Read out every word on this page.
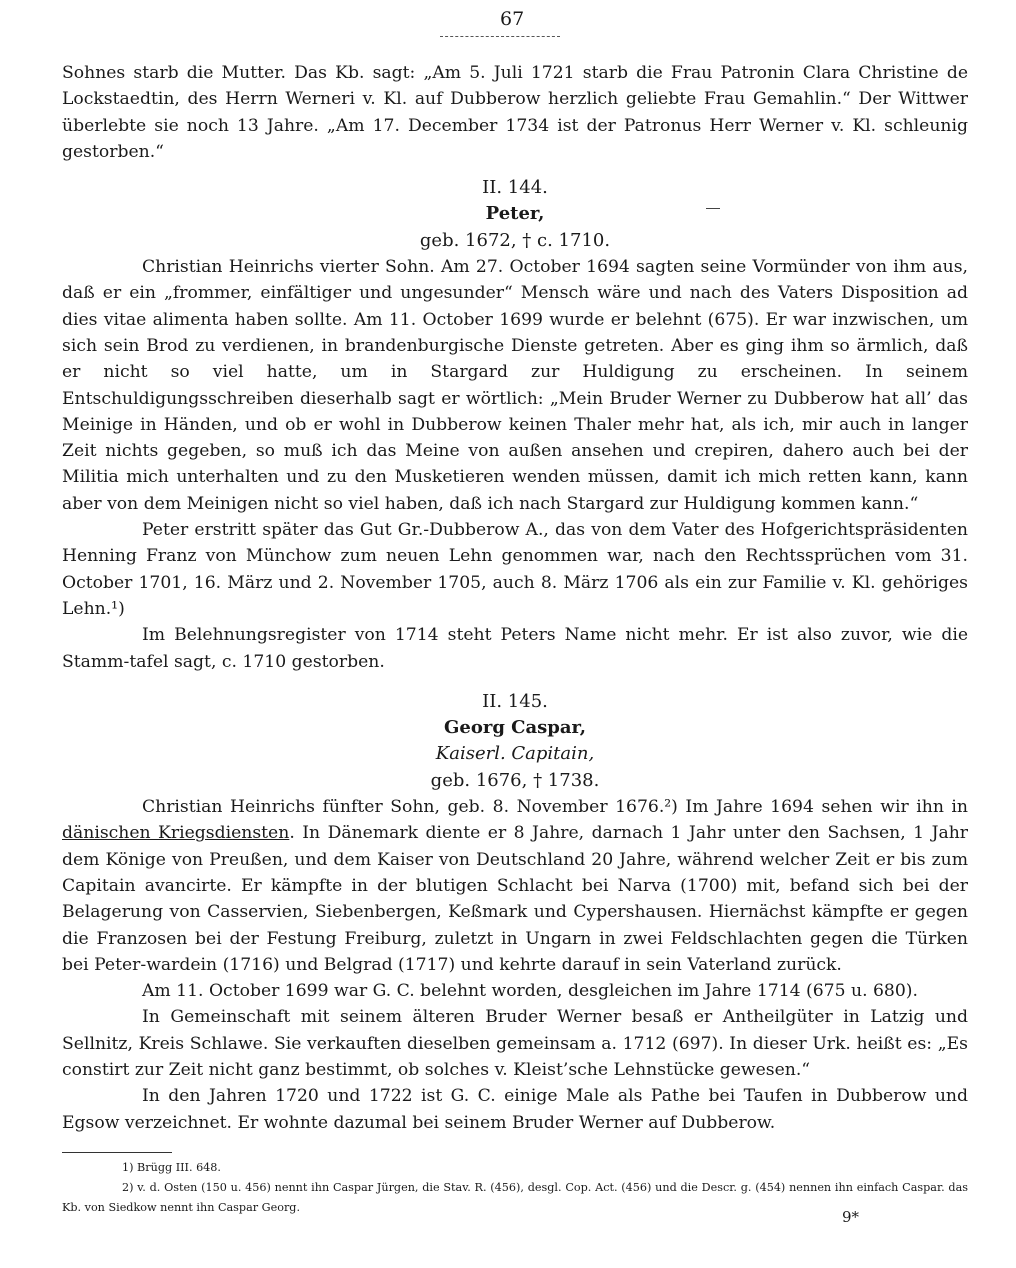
67

Sohnes starb die Mutter. Das Kb. sagt: „Am 5. Juli 1721 starb die Frau Patronin Clara Christine de Lockstaedtin, des Herrn Werneri v. Kl. auf Dubberow herzlich geliebte Frau Gemahlin.“ Der Wittwer überlebte sie noch 13 Jahre. „Am 17. December 1734 ist der Patronus Herr Werner v. Kl. schleunig gestorben.“

II. 144.
Peter,
geb. 1672, † c. 1710.

Christian Heinrichs vierter Sohn. Am 27. October 1694 sagten seine Vormünder von ihm aus, daß er ein „frommer, einfältiger und ungesunder“ Mensch wäre und nach des Vaters Disposition ad dies vitae alimenta haben sollte. Am 11. October 1699 wurde er belehnt (675). Er war inzwischen, um sich sein Brod zu verdienen, in brandenburgische Dienste getreten. Aber es ging ihm so ärmlich, daß er nicht so viel hatte, um in Stargard zur Huldigung zu erscheinen. In seinem Entschuldigungsschreiben dieserhalb sagt er wörtlich: „Mein Bruder Werner zu Dubberow hat all’ das Meinige in Händen, und ob er wohl in Dubberow keinen Thaler mehr hat, als ich, mir auch in langer Zeit nichts gegeben, so muß ich das Meine von außen ansehen und crepiren, dahero auch bei der Militia mich unterhalten und zu den Musketieren wenden müssen, damit ich mich retten kann, kann aber von dem Meinigen nicht so viel haben, daß ich nach Stargard zur Huldigung kommen kann.“

Peter erstritt später das Gut Gr.-Dubberow A., das von dem Vater des Hofgerichtspräsidenten Henning Franz von Münchow zum neuen Lehn genommen war, nach den Rechtssprüchen vom 31. October 1701, 16. März und 2. November 1705, auch 8. März 1706 als ein zur Familie v. Kl. gehöriges Lehn.¹)

Im Belehnungsregister von 1714 steht Peters Name nicht mehr. Er ist also zuvor, wie die Stamm-tafel sagt, c. 1710 gestorben.

II. 145.
Georg Caspar,
Kaiserl. Capitain,
geb. 1676, † 1738.

Christian Heinrichs fünfter Sohn, geb. 8. November 1676.²) Im Jahre 1694 sehen wir ihn in dänischen Kriegsdiensten. In Dänemark diente er 8 Jahre, darnach 1 Jahr unter den Sachsen, 1 Jahr dem Könige von Preußen, und dem Kaiser von Deutschland 20 Jahre, während welcher Zeit er bis zum Capitain avancirte. Er kämpfte in der blutigen Schlacht bei Narva (1700) mit, befand sich bei der Belagerung von Casservien, Siebenbergen, Keßmark und Cypershausen. Hiernächst kämpfte er gegen die Franzosen bei der Festung Freiburg, zuletzt in Ungarn in zwei Feldschlachten gegen die Türken bei Peter-wardein (1716) und Belgrad (1717) und kehrte darauf in sein Vaterland zurück.

Am 11. October 1699 war G. C. belehnt worden, desgleichen im Jahre 1714 (675 u. 680).

In Gemeinschaft mit seinem älteren Bruder Werner besaß er Antheilgüter in Latzig und Sellnitz, Kreis Schlawe. Sie verkauften dieselben gemeinsam a. 1712 (697). In dieser Urk. heißt es: „Es constirt zur Zeit nicht ganz bestimmt, ob solches v. Kleist’sche Lehnstücke gewesen.“

In den Jahren 1720 und 1722 ist G. C. einige Male als Pathe bei Taufen in Dubberow und Egsow verzeichnet. Er wohnte dazumal bei seinem Bruder Werner auf Dubberow.

1) Brügg III. 648.

2) v. d. Osten (150 u. 456) nennt ihn Caspar Jürgen, die Stav. R. (456), desgl. Cop. Act. (456) und die Descr. g. (454) nennen ihn einfach Caspar. das Kb. von Siedkow nennt ihn Caspar Georg.

9*
